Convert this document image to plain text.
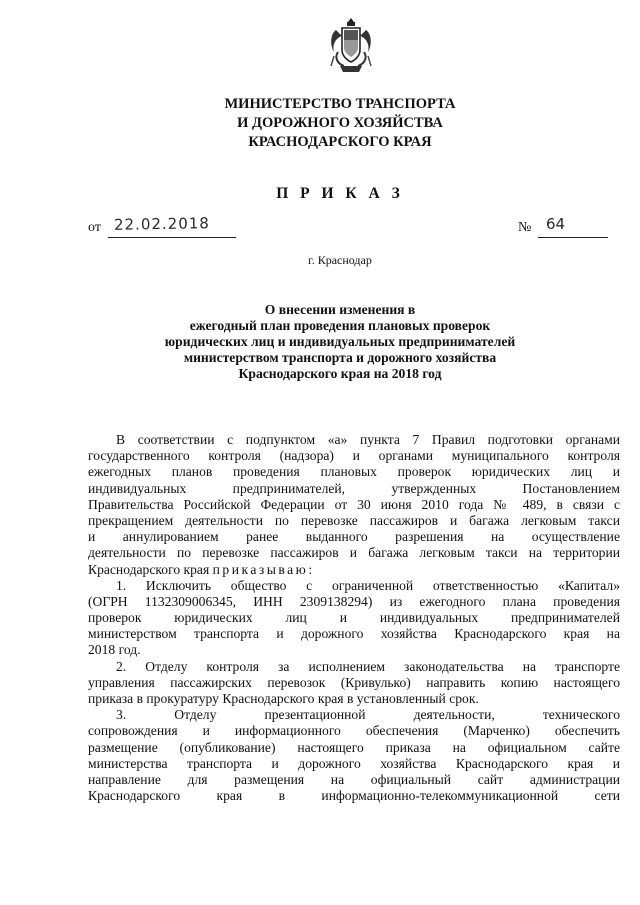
МИНИСТЕРСТВО ТРАНСПОРТА
И ДОРОЖНОГО ХОЗЯЙСТВА
КРАСНОДАРСКОГО КРАЯ
П Р И К А З
от 22.02.2018	№ 64
г. Краснодар
О внесении изменения в
ежегодный план проведения плановых проверок
юридических лиц и индивидуальных предпринимателей
министерством транспорта и дорожного хозяйства
Краснодарского края на 2018 год
В соответствии с подпунктом «а» пункта 7 Правил подготовки органами
государственного контроля (надзора) и органами муниципального контроля
ежегодных планов проведения плановых проверок юридических лиц и
индивидуальных предпринимателей, утвержденных Постановлением
Правительства Российской Федерации от 30 июня 2010 года № 489, в связи с
прекращением деятельности по перевозке пассажиров и багажа легковым такси
и аннулированием ранее выданного разрешения на осуществление
деятельности по перевозке пассажиров и багажа легковым такси на территории
Краснодарского края приказываю:
1. Исключить общество с ограниченной ответственностью «Капитал»
(ОГРН 1132309006345, ИНН 2309138294) из ежегодного плана проведения
проверок юридических лиц и индивидуальных предпринимателей
министерством транспорта и дорожного хозяйства Краснодарского края на
2018 год.
2. Отделу контроля за исполнением законодательства на транспорте
управления пассажирских перевозок (Кривулько) направить копию настоящего
приказа в прокуратуру Краснодарского края в установленный срок.
3. Отделу презентационной деятельности, технического
сопровождения и информационного обеспечения (Марченко) обеспечить
размещение (опубликование) настоящего приказа на официальном сайте
министерства транспорта и дорожного хозяйства Краснодарского края и
направление для размещения на официальный сайт администрации
Краснодарского края в информационно-телекоммуникационной сети
